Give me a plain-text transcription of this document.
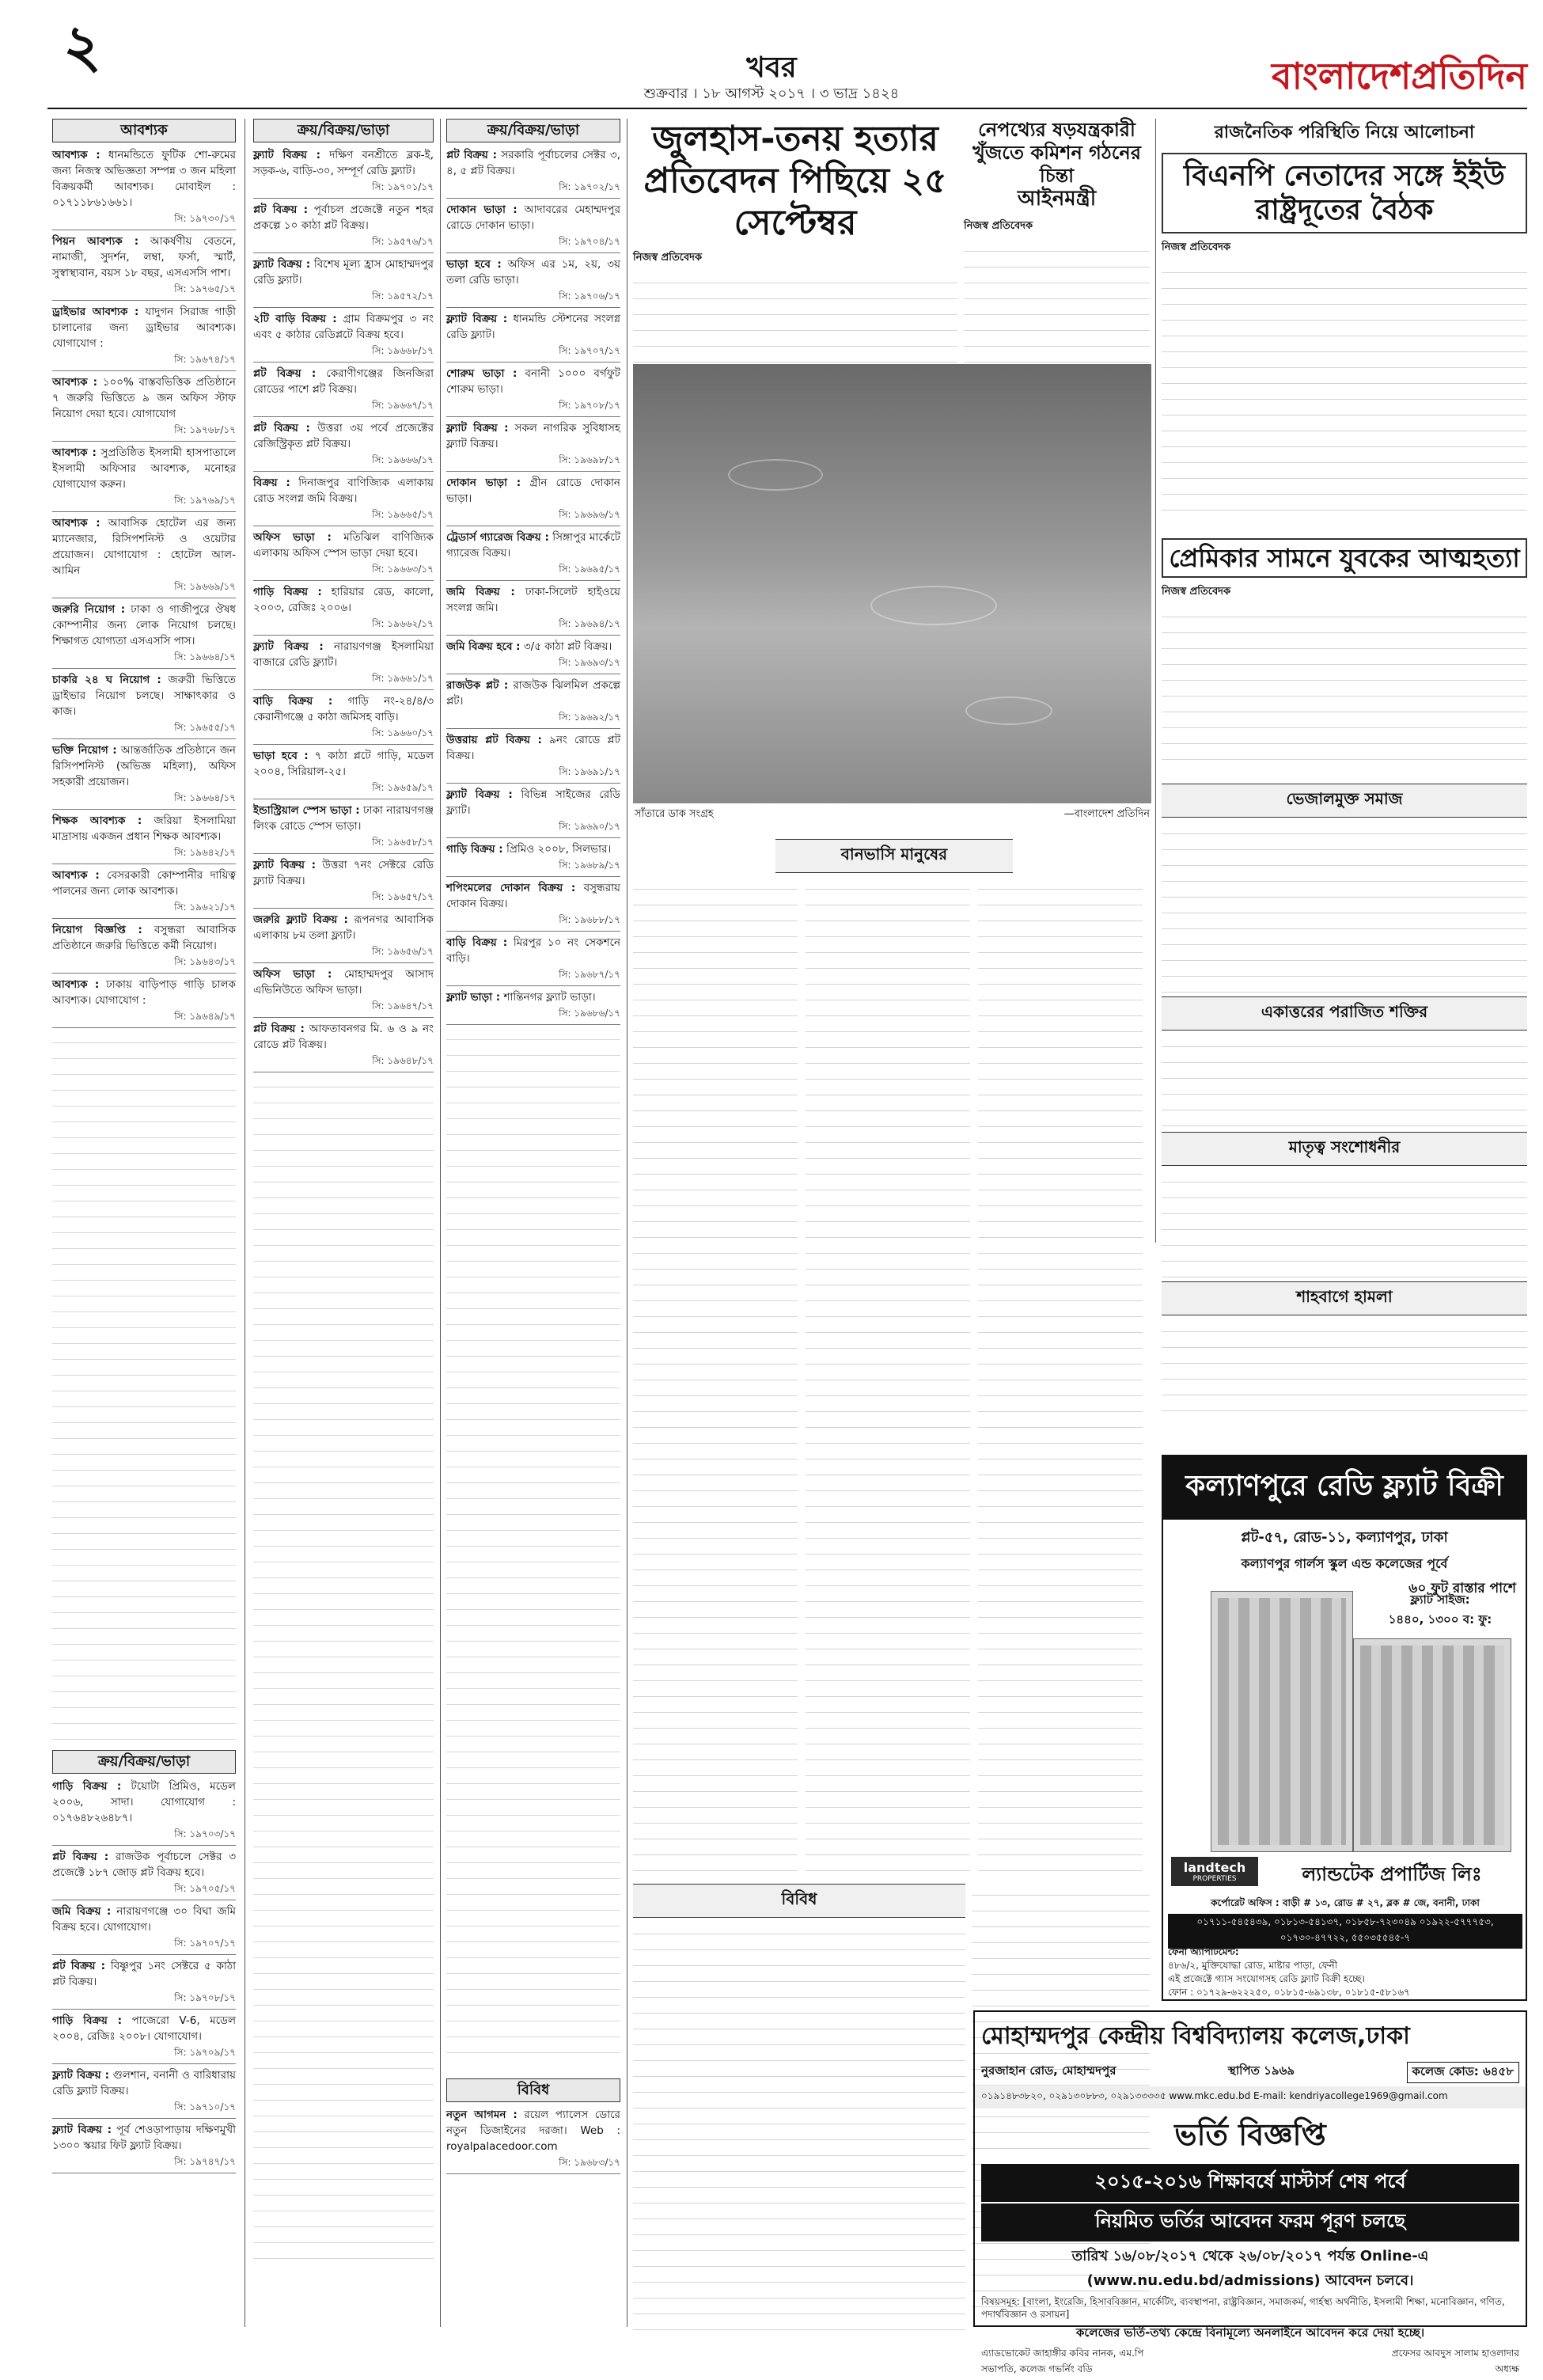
২	খবর
শুক্রবার । ১৮ আগস্ট ২০১৭ । ৩ ভাদ্র ১৪২৪	বাংলাদেশপ্রতিদিন
আবশ্যক
আবশ্যক : ধানমন্ডিতে ফুটিক শো-রুমের জন্য নিজস্ব অভিজ্ঞতা সম্পন্ন ৩ জন মহিলা বিক্রয়কর্মী আবশ্যক। মোবাইল : ০১৭১১৮৬১৬৬১।
সি: ১৯৭৩০/১৭
পিয়ন আবশ্যক : আকর্ষণীয় বেতনে, নামাজী, সুদর্শন, লম্বা, ফর্সা, স্মার্ট, সুস্বাস্থ্যবান, বয়স ১৮ বছর, এসএসসি পাশ।
সি: ১৯৭৬৫/১৭
ড্রাইভার আবশ্যক : যাদুগন সিরাজ গাড়ী চালানোর জন্য ড্রাইভার আবশ্যক। যোগাযোগ :
সি: ১৯৬৭৪/১৭
আবশ্যক : ১০০% বাস্তবভিত্তিক প্রতিষ্ঠানে ৭ জরুরি ভিত্তিতে ৯ জন অফিস স্টাফ নিয়োগ দেয়া হবে। যোগাযোগ
সি: ১৯৭৬৮/১৭
আবশ্যক : সুপ্রতিষ্ঠিত ইসলামী হাসপাতালে ইসলামী অফিসার আবশ্যক, মনোহর যোগাযোগ করুন।
সি: ১৯৭৬৯/১৭
আবশ্যক : আবাসিক হোটেল এর জন্য ম্যানেজার, রিসিপশনিস্ট ও ওয়েটার প্রয়োজন। যোগাযোগ : হোটেল আল-আমিন
সি: ১৯৬৬৯/১৭
জরুরি নিয়োগ : ঢাকা ও গাজীপুরে ঔষধ কোম্পানীর জন্য লোক নিয়োগ চলছে। শিক্ষাগত যোগ্যতা এসএসসি পাস।
সি: ১৯৬৬৪/১৭
চাকরি ২৪ ঘ নিয়োগ : জরুরী ভিত্তিতে ড্রাইভার নিয়োগ চলছে। সাক্ষাৎকার ও কাজ।
সি: ১৯৬৫৫/১৭
ভক্তি নিয়োগ : আন্তর্জাতিক প্রতিষ্ঠানে জন রিসিপশনিস্ট (অভিজ্ঞ মহিলা), অফিস সহকারী প্রয়োজন।
সি: ১৯৬৬৪/১৭
শিক্ষক আবশ্যক : জরিয়া ইসলামিয়া মাদ্রাসায় একজন প্রধান শিক্ষক আবশ্যক।
সি: ১৯৬৪২/১৭
আবশ্যক : বেসরকারী কোম্পানীর দায়িত্ব পালনের জন্য লোক আবশ্যক।
সি: ১৯৬২১/১৭
নিয়োগ বিজ্ঞপ্তি : বসুন্ধরা আবাসিক প্রতিষ্ঠানে জরুরি ভিত্তিতে কর্মী নিয়োগ।
সি: ১৯৬৪৩/১৭
আবশ্যক : ঢাকায় বাড়িপাড় গাড়ি চালক আবশ্যক। যোগাযোগ :
সি: ১৯৬৪৯/১৭
ক্রয়/বিক্রয়/ভাড়া
গাড়ি বিক্রয় : টয়োটা প্রিমিও, মডেল ২০০৬, সাদা। যোগাযোগ : ০১৭৬৪৮২৬৪৮৭।
সি: ১৯৭০৩/১৭
প্লট বিক্রয় : রাজউক পূর্বাচলে সেক্টর ৩ প্রজেক্টে ১৮৭ জোড় প্লট বিক্রয় হবে।
সি: ১৯৭০৫/১৭
জমি বিক্রয় : নারায়ণগঞ্জে ৩০ বিঘা জমি বিক্রয় হবে। যোগাযোগ।
সি: ১৯৭০৭/১৭
প্লট বিক্রয় : বিষ্ণুপুর ১নং সেক্টরে ৫ কাঠা প্লট বিক্রয়।
সি: ১৯৭০৮/১৭
গাড়ি বিক্রয় : পাজেরো V-6, মডেল ২০০৪, রেজিঃ ২০০৮। যোগাযোগ।
সি: ১৯৭০৯/১৭
ফ্ল্যাট বিক্রয় : গুলশান, বনানী ও বারিধারায় রেডি ফ্ল্যাট বিক্রয়।
সি: ১৯৭১০/১৭
ফ্ল্যাট বিক্রয় : পূর্ব শেওড়াপাড়ায় দক্ষিণমুখী ১৩০০ স্কয়ার ফিট ফ্ল্যাট বিক্রয়।
সি: ১৯৭৪৭/১৭
ক্রয়/বিক্রয়/ভাড়া
ফ্ল্যাট বিক্রয় : দক্ষিণ বনশ্রীতে ব্লক-ই, সড়ক-৬, বাড়ি-৩০, সম্পূর্ণ রেডি ফ্ল্যাট।
সি: ১৯৭০১/১৭
প্লট বিক্রয় : পূর্বাচল প্রজেক্টে নতুন শহর প্রকল্পে ১০ কাঠা প্লট বিক্রয়।
সি: ১৯৫৭৬/১৭
ফ্ল্যাট বিক্রয় : বিশেষ মূল্য হ্রাস মোহাম্মদপুর রেডি ফ্ল্যাট।
সি: ১৯৫৭২/১৭
২টি বাড়ি বিক্রয় : গ্রাম বিক্রমপুর ৩ নং এবং ৫ কাঠার রেডিপ্লটে বিক্রয় হবে।
সি: ১৯৬৬৮/১৭
প্লট বিক্রয় : কেরাণীগঞ্জের জিনজিরা রোডের পাশে প্লট বিক্রয়।
সি: ১৯৬৬৭/১৭
প্লট বিক্রয় : উত্তরা ৩য় পর্বে প্রজেক্টের রেজিস্ট্রিকৃত প্লট বিক্রয়।
সি: ১৯৬৬৬/১৭
বিক্রয় : দিনাজপুর বাণিজ্যিক এলাকায় রোড সংলগ্ন জমি বিক্রয়।
সি: ১৯৬৬৫/১৭
অফিস ভাড়া : মতিঝিল বাণিজ্যিক এলাকায় অফিস স্পেস ভাড়া দেয়া হবে।
সি: ১৯৬৬৩/১৭
গাড়ি বিক্রয় : হারিয়ার রেড, কালো, ২০০৩, রেজিঃ ২০০৬।
সি: ১৯৬৬২/১৭
ফ্ল্যাট বিক্রয় : নারায়ণগঞ্জ ইসলামিয়া বাজারে রেডি ফ্ল্যাট।
সি: ১৯৬৬১/১৭
বাড়ি বিক্রয় : গাড়ি নং-২৪/৪/৩ কেরানীগঞ্জে ৫ কাঠা জমিসহ বাড়ি।
সি: ১৯৬৬০/১৭
ভাড়া হবে : ৭ কাঠা প্লটে গাড়ি, মডেল ২০০৪, সিরিয়াল-২৫।
সি: ১৯৬৫৯/১৭
ইন্ডাস্ট্রিয়াল স্পেস ভাড়া : ঢাকা নারায়ণগঞ্জ লিংক রোডে স্পেস ভাড়া।
সি: ১৯৬৫৮/১৭
ফ্ল্যাট বিক্রয় : উত্তরা ৭নং সেক্টরে রেডি ফ্ল্যাট বিক্রয়।
সি: ১৯৬৫৭/১৭
জরুরি ফ্ল্যাট বিক্রয় : রূপনগর আবাসিক এলাকায় ৮ম তলা ফ্ল্যাট।
সি: ১৯৬৫৬/১৭
অফিস ভাড়া : মোহাম্মদপুর আসাদ এভিনিউতে অফিস ভাড়া।
সি: ১৯৬৪৭/১৭
প্লট বিক্রয় : আফতাবনগর মি. ৬ ও ৯ নং রোডে প্লট বিক্রয়।
সি: ১৯৬৪৮/১৭
ক্রয়/বিক্রয়/ভাড়া
প্লট বিক্রয় : সরকারি পূর্বাচলের সেক্টর ৩, ৪, ৫ প্লট বিক্রয়।
সি: ১৯৭০২/১৭
দোকান ভাড়া : আদাবরের মেহাম্মদপুর রোডে দোকান ভাড়া।
সি: ১৯৭০৪/১৭
ভাড়া হবে : অফিস এর ১ম, ২য়, ৩য় তলা রেডি ভাড়া।
সি: ১৯৭০৬/১৭
ফ্ল্যাট বিক্রয় : ধানমন্ডি স্টেশনের সংলগ্ন রেডি ফ্ল্যাট।
সি: ১৯৭০৭/১৭
শোরুম ভাড়া : বনানী ১০০০ বর্গফুট শোরুম ভাড়া।
সি: ১৯৭০৮/১৭
ফ্ল্যাট বিক্রয় : সকল নাগরিক সুবিধাসহ ফ্ল্যাট বিক্রয়।
সি: ১৯৬৯৮/১৭
দোকান ভাড়া : গ্রীন রোডে দোকান ভাড়া।
সি: ১৯৬৯৬/১৭
ট্রেডার্স গ্যারেজ বিক্রয় : সিঙ্গাপুর মার্কেটে গ্যারেজ বিক্রয়।
সি: ১৯৬৯৫/১৭
জমি বিক্রয় : ঢাকা-সিলেট হাইওয়ে সংলগ্ন জমি।
সি: ১৯৬৯৪/১৭
জমি বিক্রয় হবে : ৩/৫ কাঠা প্লট বিক্রয়।
সি: ১৯৬৯৩/১৭
রাজউক প্লট : রাজউক ঝিলমিল প্রকল্পে প্লট।
সি: ১৯৬৯২/১৭
উত্তরায় প্লট বিক্রয় : ৯নং রোডে প্লট বিক্রয়।
সি: ১৯৬৯১/১৭
ফ্ল্যাট বিক্রয় : বিভিন্ন সাইজের রেডি ফ্ল্যাট।
সি: ১৯৬৯০/১৭
গাড়ি বিক্রয় : প্রিমিও ২০০৮, সিলভার।
সি: ১৯৬৮৯/১৭
শপিংমলের দোকান বিক্রয় : বসুন্ধরায় দোকান বিক্রয়।
সি: ১৯৬৮৮/১৭
বাড়ি বিক্রয় : মিরপুর ১০ নং সেকশনে বাড়ি।
সি: ১৯৬৮৭/১৭
ফ্ল্যাট ভাড়া : শান্তিনগর ফ্ল্যাট ভাড়া।
সি: ১৯৬৮৬/১৭
বিবিধ
নতুন আগমন : রয়েল প্যালেস ডোরে নতুন ডিজাইনের দরজা। Web : royalpalacedoor.com
সি: ১৯৬৮৩/১৭
জুলহাস-তনয় হত্যার প্রতিবেদন পিছিয়ে ২৫ সেপ্টেম্বর
নিজস্ব প্রতিবেদক
নেপথ্যের ষড়যন্ত্রকারী খুঁজতে কমিশন গঠনের চিন্তা
আইনমন্ত্রী
নিজস্ব প্রতিবেদক
রাজনৈতিক পরিস্থিতি নিয়ে আলোচনা
বিএনপি নেতাদের সঙ্গে ইইউ রাষ্ট্রদূতের বৈঠক
নিজস্ব প্রতিবেদক
প্রেমিকার সামনে যুবকের আত্মহত্যা
নিজস্ব প্রতিবেদক
সাঁতারে ডাক সংগ্রহ	—বাংলাদেশ প্রতিদিন
ভেজালমুক্ত সমাজ
একাত্তরের পরাজিত শক্তির
মাতৃত্ব সংশোধনীর
শাহবাগে হামলা
বানভাসি মানুষের
বিবিধ
কল্যাণপুরে রেডি ফ্ল্যাট বিক্রী
প্লট-৫৭, রোড-১১, কল্যাণপুর, ঢাকা
কল্যাণপুর গার্লস স্কুল এন্ড কলেজের পূর্বে
৬০ ফুট রাস্তার পাশে
ফ্ল্যাট সাইজ:
১৪৪০, ১৩০০ ব: ফু:
landtech
PROPERTIES	ল্যান্ডটেক প্রপার্টিজ লিঃ
কর্পোরেট অফিস : বাড়ী # ১৩, রোড # ২৭, ব্লক # জে, বনানী, ঢাকা
০১৭১১-৫৪৫৪৩৯, ০১৮১৩-৫৪১৩৭, ০১৮৫৮-৭২৩০৪৯ ০১৯২২-৫৭৭৭৫৩, ০১৭৩০-৪৭৭২২, ৫৫০৩৫৫৪৫-৭
ফেনী অ্যাপার্টমেন্ট:
৪৮৬/২, মুক্তিযোদ্ধা রোড, মাষ্টার পাড়া, ফেনী
এই প্রজেক্টে গ্যাস সংযোগসহ রেডি ফ্ল্যাট বিক্রী হচ্ছে।
ফোন : ০১৭২৯-৬২২২৫০, ০১৮১৫-৬৯১৩৮, ০১৮১৫-৫৮১৬৭
মোহাম্মদপুর কেন্দ্রীয় বিশ্ববিদ্যালয় কলেজ,ঢাকা
নুরজাহান রোড, মোহাম্মদপুর	স্থাপিত ১৯৬৯	কলেজ কোড: ৬৪৫৮
০১৯১৪৮৩৮২০, ০২৯১৩০৮৮৩, ০২৯১৩৩৩৩৫ www.mkc.edu.bd E-mail: kendriyacollege1969@gmail.com
ভর্তি বিজ্ঞপ্তি
২০১৫-২০১৬ শিক্ষাবর্ষে মাস্টার্স শেষ পর্বে
নিয়মিত ভর্তির আবেদন ফরম পূরণ চলছে
তারিখ ১৬/০৮/২০১৭ থেকে ২৬/০৮/২০১৭ পর্যন্ত Online-এ
(www.nu.edu.bd/admissions) আবেদন চলবে।
বিষয়সমূহ: [বাংলা, ইংরেজি, হিসাববিজ্ঞান, মার্কেটিং, ব্যবস্থাপনা, রাষ্ট্রবিজ্ঞান, সমাজকর্ম, গার্হস্থ্য অর্থনীতি, ইসলামী শিক্ষা, মনোবিজ্ঞান, গণিত, পদার্থবিজ্ঞান ও রসায়ন]
কলেজের ভর্তি-তথ্য কেন্দ্রে বিনামূল্যে অনলাইনে আবেদন করে দেয়া হচ্ছে।
এ্যাডভোকেট জাহাঙ্গীর কবির নানক, এম.পি
সভাপতি, কলেজ গভর্নিং বডি
প্রফেসর আবদুস সালাম হাওলাদার
অধ্যক্ষ
